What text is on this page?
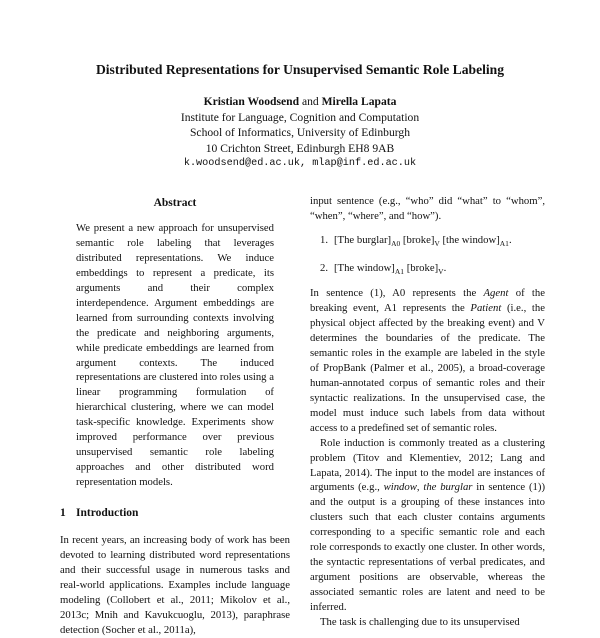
Distributed Representations for Unsupervised Semantic Role Labeling
Kristian Woodsend and Mirella Lapata
Institute for Language, Cognition and Computation
School of Informatics, University of Edinburgh
10 Crichton Street, Edinburgh EH8 9AB
k.woodsend@ed.ac.uk, mlap@inf.ed.ac.uk
Abstract

We present a new approach for unsupervised semantic role labeling that leverages distributed representations. We induce embeddings to represent a predicate, its arguments and their complex interdependence. Argument embeddings are learned from surrounding contexts involving the predicate and neighboring arguments, while predicate embeddings are learned from argument contexts. The induced representations are clustered into roles using a linear programming formulation of hierarchical clustering, where we can model task-specific knowledge. Experiments show improved performance over previous unsupervised semantic role labeling approaches and other distributed word representation models.

1 Introduction

In recent years, an increasing body of work has been devoted to learning distributed word representations and their successful usage in numerous tasks and real-world applications. Examples include language modeling (Collobert et al., 2011; Mikolov et al., 2013c; Mnih and Kavukcuoglu, 2013), paraphrase detection (Socher et al., 2011a),

input sentence (e.g., “who” did “what” to “whom”, “when”, “where”, and “how”).

1. [The $burglar]_{A0}$ $[broke]_V$ [the $window]_{A1}$.
2. [The $window]_{A1}$ $[broke]_V$.

In sentence (1), A0 represents the Agent of the breaking event, A1 represents the Patient (i.e., the physical object affected by the breaking event) and V determines the boundaries of the predicate. The semantic roles in the example are labeled in the style of PropBank (Palmer et al., 2005), a broad-coverage human-annotated corpus of semantic roles and their syntactic realizations. In the unsupervised case, the model must induce such labels from data without access to a predefined set of semantic roles.

Role induction is commonly treated as a clustering problem (Titov and Klementiev, 2012; Lang and Lapata, 2014). The input to the model are instances of arguments (e.g., window, the burglar in sentence (1)) and the output is a grouping of these instances into clusters such that each cluster contains arguments corresponding to a specific semantic role and each role corresponds to exactly one cluster. In other words, the syntactic representations of verbal predicates, and argument positions are observable, whereas the associated semantic roles are latent and need to be inferred.

The task is challenging due to its unsupervised
